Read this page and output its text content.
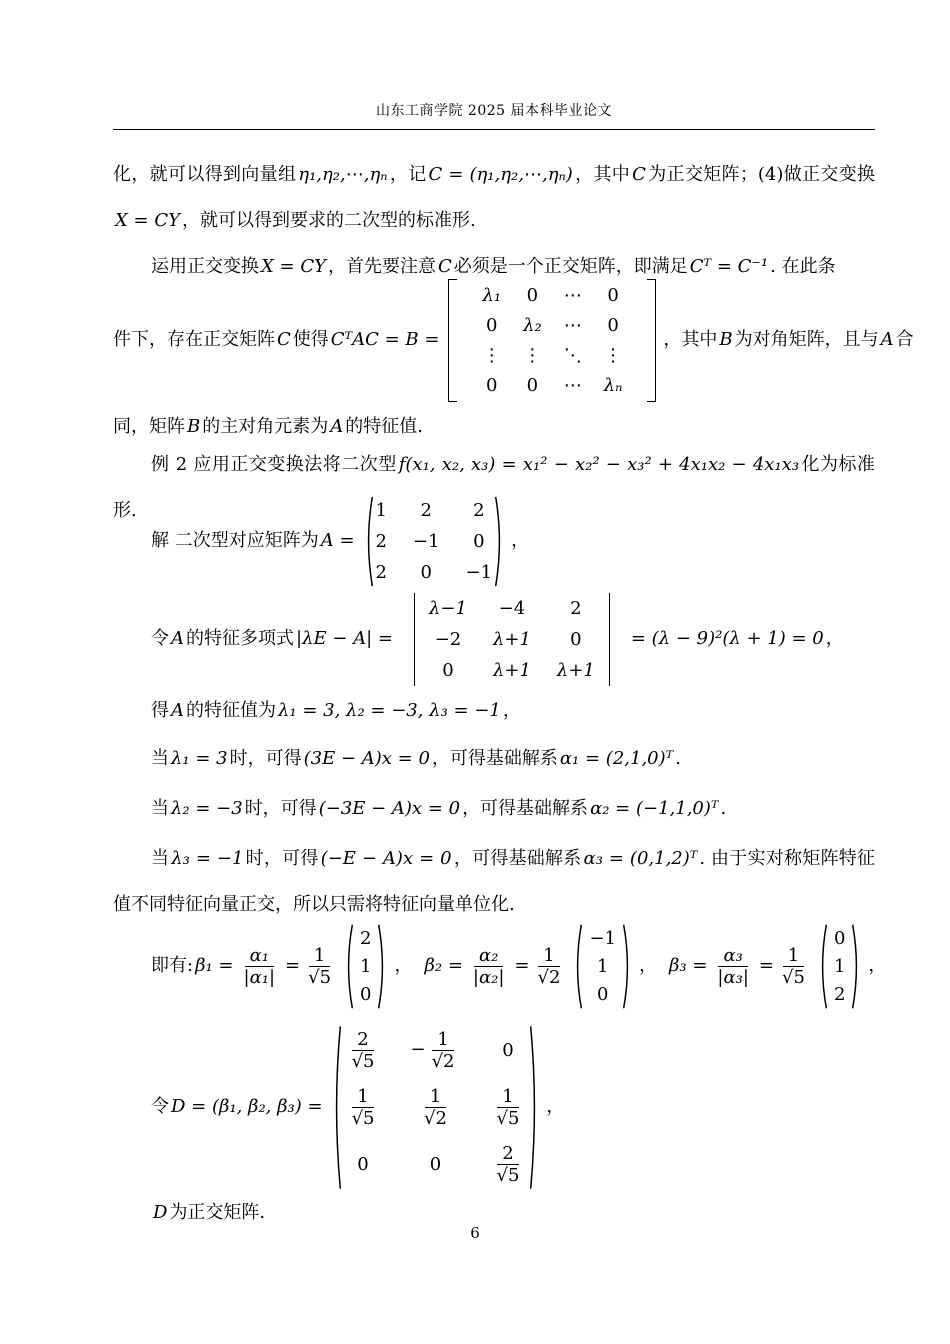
山东工商学院 2025 届本科毕业论文

化，就可以得到向量组 η₁,η₂,⋯,ηₙ ，记 C = (η₁,η₂,⋯,ηₙ) ，其中 C 为正交矩阵；(4)做正交变换X = CY ，就可以得到要求的二次型的标准形.

运用正交变换 X = CY ，首先要注意 C 必须是一个正交矩阵，即满足 Cᵀ = C⁻¹ . 在此条

件下，存在正交矩阵 C 使得 CᵀAC = B =
λ₁ 0 ⋯ 0
0 λ₂ ⋯ 0
⋮ ⋮ ⋱ ⋮
0 0 ⋯ λₙ
，其中 B 为对角矩阵，且与 A 合

同，矩阵 B 的主对角元素为 A 的特征值.

例 2 应用正交变换法将二次型 f(x₁, x₂, x₃) = x₁² − x₂² − x₃² + 4x₁x₂ − 4x₁x₃ 化为标准形.

解 二次型对应矩阵为 A =
1 2 2
2 −1 0
2 0 −1
，
令 A 的特征多项式 |λE − A| =
λ−1 −4 2
−2 λ+1 0
0 λ+1 λ+1
= (λ − 9)²(λ + 1) = 0 ，

得 A 的特征值为 λ₁ = 3, λ₂ = −3, λ₃ = −1 ，

当 λ₁ = 3 时，可得 (3E − A)x = 0 ，可得基础解系 α₁ = (2,1,0)ᵀ .

当 λ₂ = −3 时，可得 (−3E − A)x = 0 ，可得基础解系 α₂ = (−1,1,0)ᵀ .

当 λ₃ = −1 时，可得 (−E − A)x = 0 ，可得基础解系 α₃ = (0,1,2)ᵀ . 由于实对称矩阵特征值不同特征向量正交，所以只需将特征向量单位化.

即有: $\beta_1 = \frac{\text{α₁}}{\text{|α₁|}} = \frac{1}{√5}$
2
1
0
， $\beta_2 = \frac{\text{α₂}}{\text{|α₂|}} = \frac{1}{√2}$
−1
1
0
， $\beta_3 = \frac{\text{α₃}}{\text{|α₃|}} = \frac{1}{√5}$
0
1
2
，
令 D = (β₁, β₂, β₃) =
$\frac{2}{√5} - \frac{1}{√2} 0$
$\frac{1}{√5} \frac{1}{√2} \frac{1}{√5}$
0	0	$\frac{2}{√5}$
，

D 为正交矩阵.

6
